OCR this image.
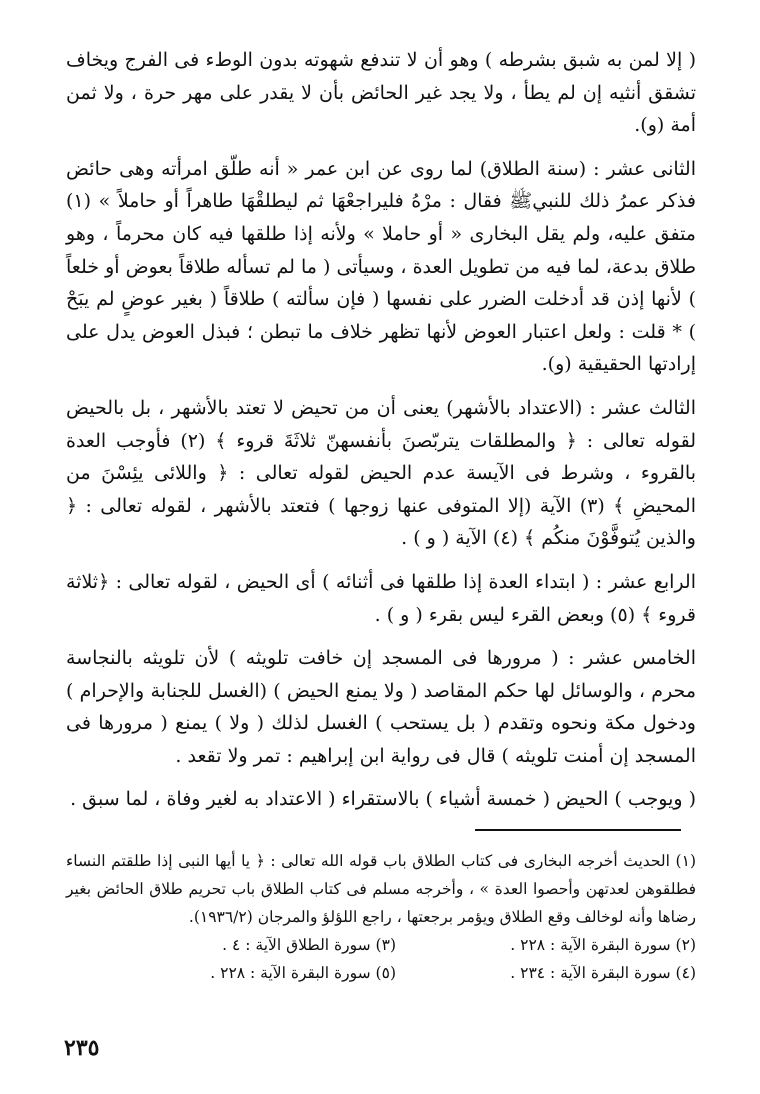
( إلا لمن به شبق بشرطه ) وهو أن لا تندفع شهوته بدون الوطء فى الفرج ويخاف تشقق أنثيه إن لم يطأ ، ولا يجد غير الحائض بأن لا يقدر على مهر حرة ، ولا ثمن أمة (و).

الثانى عشر : (سنة الطلاق) لما روى عن ابن عمر « أنه طلّق امرأته وهى حائض فذكر عمرُ ذلك للنبيﷺ فقال : مرْهُ فليراجعْهَا ثم ليطلقْهَا طاهراً أو حاملاً » (١) متفق عليه، ولم يقل البخارى « أو حاملا » ولأنه إذا طلقها فيه كان محرماً ، وهو طلاق بدعة، لما فيه من تطويل العدة ، وسيأتى ( ما لم تسأله طلاقاً بعوض أو خلعاً ) لأنها إذن قد أدخلت الضرر على نفسها ( فإن سألته ) طلاقاً ( بغير عوضٍ لم يبَحْ ) * قلت : ولعل اعتبار العوض لأنها تظهر خلاف ما تبطن ؛ فبذل العوض يدل على إرادتها الحقيقية (و).

الثالث عشر : (الاعتداد بالأشهر) يعنى أن من تحيض لا تعتد بالأشهر ، بل بالحيض لقوله تعالى : ﴿ والمطلقات يتربّصنَ بأنفسهنّ ثلاثَةَ قروء ﴾ (٢) فأوجب العدة بالقروء ، وشرط فى الآيسة عدم الحيض لقوله تعالى : ﴿ واللائى يئِسْنَ من المحيضِ ﴾ (٣) الآية (إلا المتوفى عنها زوجها ) فتعتد بالأشهر ، لقوله تعالى : ﴿ والذين يُتوفَّوْنَ منكُم ﴾ (٤) الآية ( و ) .

الرابع عشر : ( ابتداء العدة إذا طلقها فى أثنائه ) أى الحيض ، لقوله تعالى : ﴿ثلاثة قروء ﴾ (٥) وبعض القرء ليس بقرء ( و ) .

الخامس عشر : ( مرورها فى المسجد إن خافت تلويثه ) لأن تلويثه بالنجاسة محرم ، والوسائل لها حكم المقاصد ( ولا يمنع الحيض ) (الغسل للجنابة والإحرام ) ودخول مكة ونحوه وتقدم ( بل يستحب ) الغسل لذلك ( ولا ) يمنع ( مرورها فى المسجد إن أمنت تلويثه ) قال فى رواية ابن إبراهيم : تمر ولا تقعد .

( ويوجب ) الحيض ( خمسة أشياء ) بالاستقراء ( الاعتداد به لغير وفاة ، لما سبق .

(١) الحديث أخرجه البخارى فى كتاب الطلاق باب قوله الله تعالى : ﴿ يا أيها النبى إذا طلقتم النساء فطلقوهن لعدتهن وأحصوا العدة » ، وأخرجه مسلم فى كتاب الطلاق باب تحريم طلاق الحائض بغير رضاها وأنه لوخالف وقع الطلاق ويؤمر برجعتها ، راجع اللؤلؤ والمرجان (١٩٣٦/٢).

(٢) سورة البقرة الآية : ٢٢٨ .
(٣) سورة الطلاق الآية : ٤ .
(٤) سورة البقرة الآية : ٢٣٤ .
(٥) سورة البقرة الآية : ٢٢٨ .
٢٣٥
